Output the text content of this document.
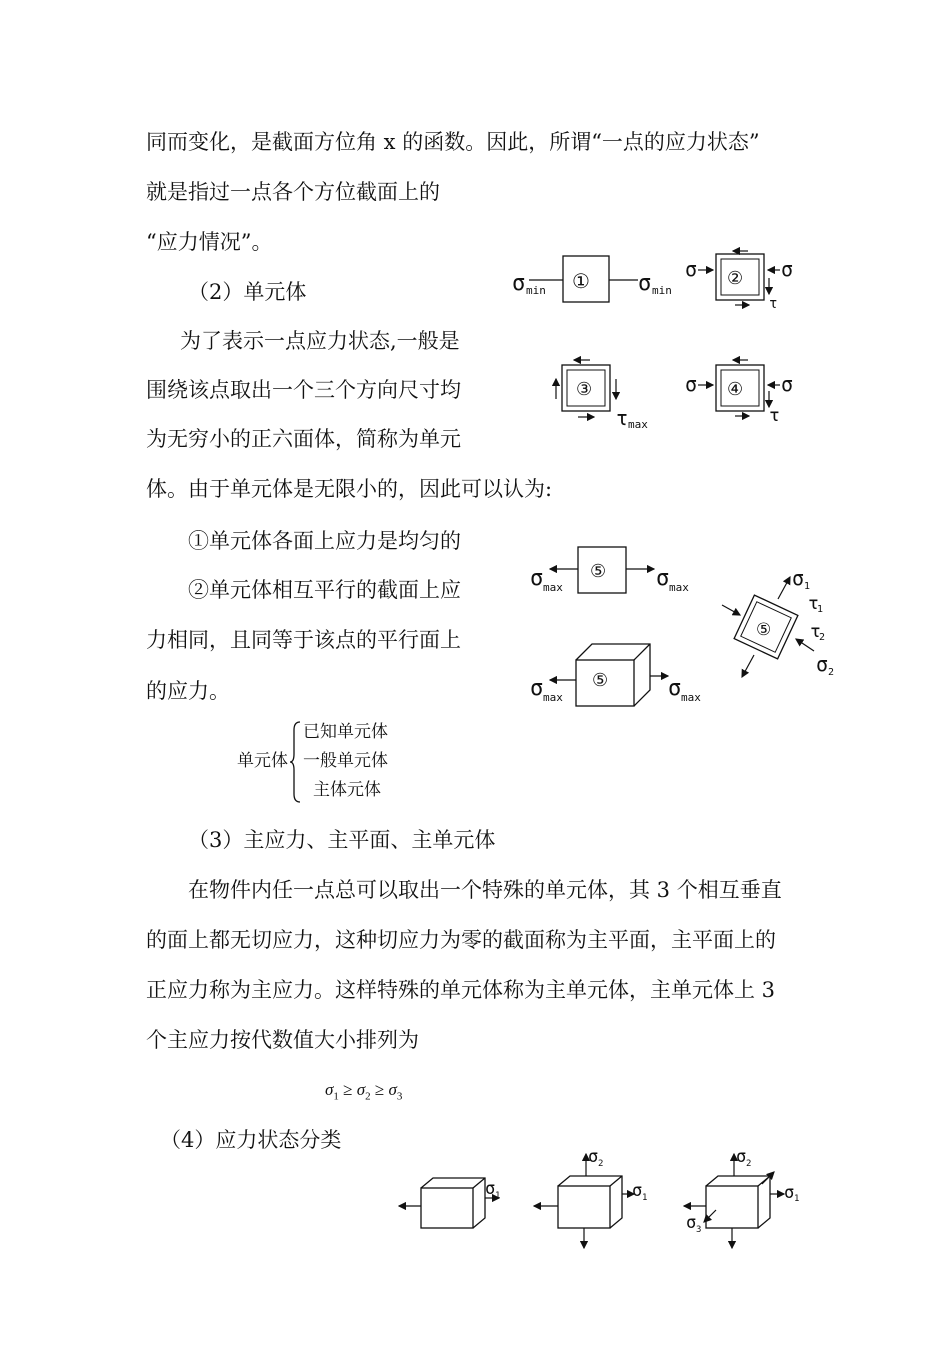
同而变化，是截面方位角 x 的函数。因此，所谓“一点的应力状态”
就是指过一点各个方位截面上的
“应力情况”。
（2）单元体
为了表示一点应力状态,一般是
围绕该点取出一个三个方向尺寸均
为无穷小的正六面体，简称为单元
体。由于单元体是无限小的，因此可以认为:
①单元体各面上应力是均匀的
②单元体相互平行的截面上应
力相同，且同等于该点的平行面上
的应力。
单元体
已知单元体
一般单元体
主体元体
（3）主应力、主平面、主单元体
在物件内任一点总可以取出一个特殊的单元体，其 3 个相互垂直
的面上都无切应力，这种切应力为零的截面称为主平面，主平面上的
正应力称为主应力。这样特殊的单元体称为主单元体，主单元体上 3
个主应力按代数值大小排列为
$\sigma_1 \ge \sigma_2 \ge \sigma_3$
（4）应力状态分类
σ min ① σ min
σ ② σ
τ
③
τ max
σ ④ σ
τ
σ max
⑤ σ max
⑤
σ 1
τ
1
τ
2
σ 2
σ max
⑤	σ max
σ 1	σ 1
σ 2
σ 1
σ 2
σ 3
